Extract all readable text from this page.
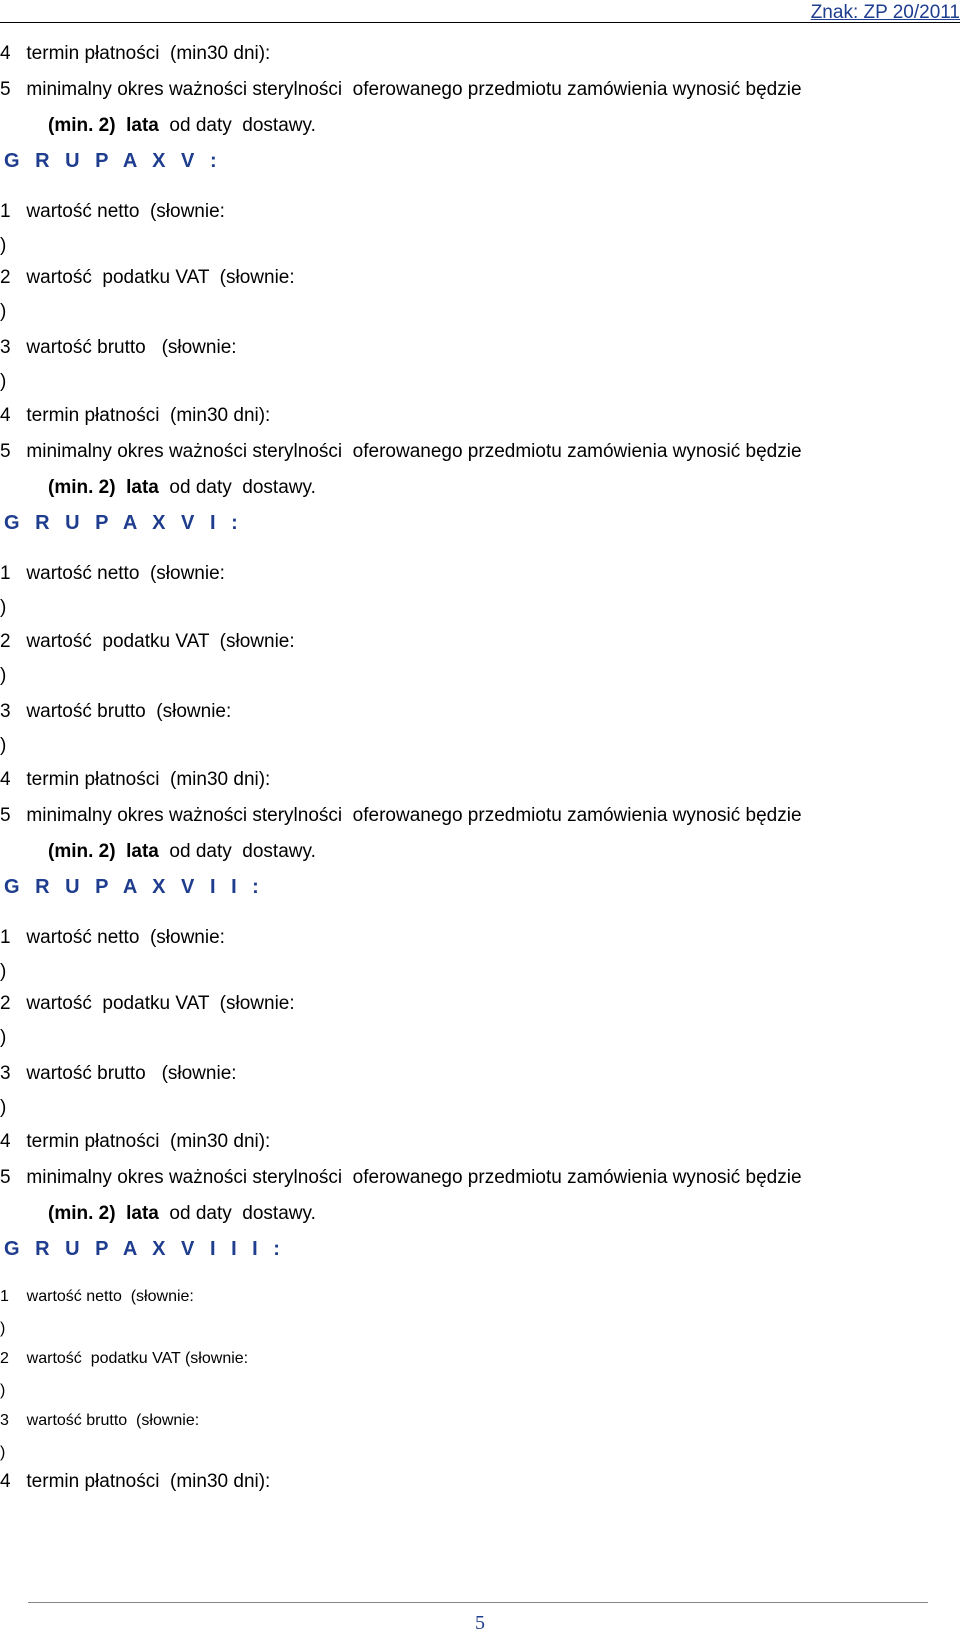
Znak: ZP 20/2011
4   termin płatności  (min30 dni):
5   minimalny okres ważności sterylności  oferowanego przedmiotu zamówienia wynosić będzie
(min. 2)  lata  od daty  dostawy.
G R U P A X V :
1   wartość netto  (słownie:
)
2   wartość  podatku VAT  (słownie:
)
3   wartość brutto   (słownie:
)
4   termin płatności  (min30 dni):
5   minimalny okres ważności sterylności  oferowanego przedmiotu zamówienia wynosić będzie
(min. 2)  lata  od daty  dostawy.
G R U P A X V I :
1   wartość netto  (słownie:
)
2   wartość  podatku VAT  (słownie:
)
3   wartość brutto  (słownie:
)
4   termin płatności  (min30 dni):
5   minimalny okres ważności sterylności  oferowanego przedmiotu zamówienia wynosić będzie
(min. 2)  lata  od daty  dostawy.
G R U P A X V I I :
1   wartość netto  (słownie:
)
2   wartość  podatku VAT  (słownie:
)
3   wartość brutto   (słownie:
)
4   termin płatności  (min30 dni):
5   minimalny okres ważności sterylności  oferowanego przedmiotu zamówienia wynosić będzie
(min. 2)  lata  od daty  dostawy.
G R U P A X V I I I :
1    wartość netto  (słownie:
)
2    wartość  podatku VAT (słownie:
)
3    wartość brutto  (słownie:
)
4   termin płatności  (min30 dni):
5
